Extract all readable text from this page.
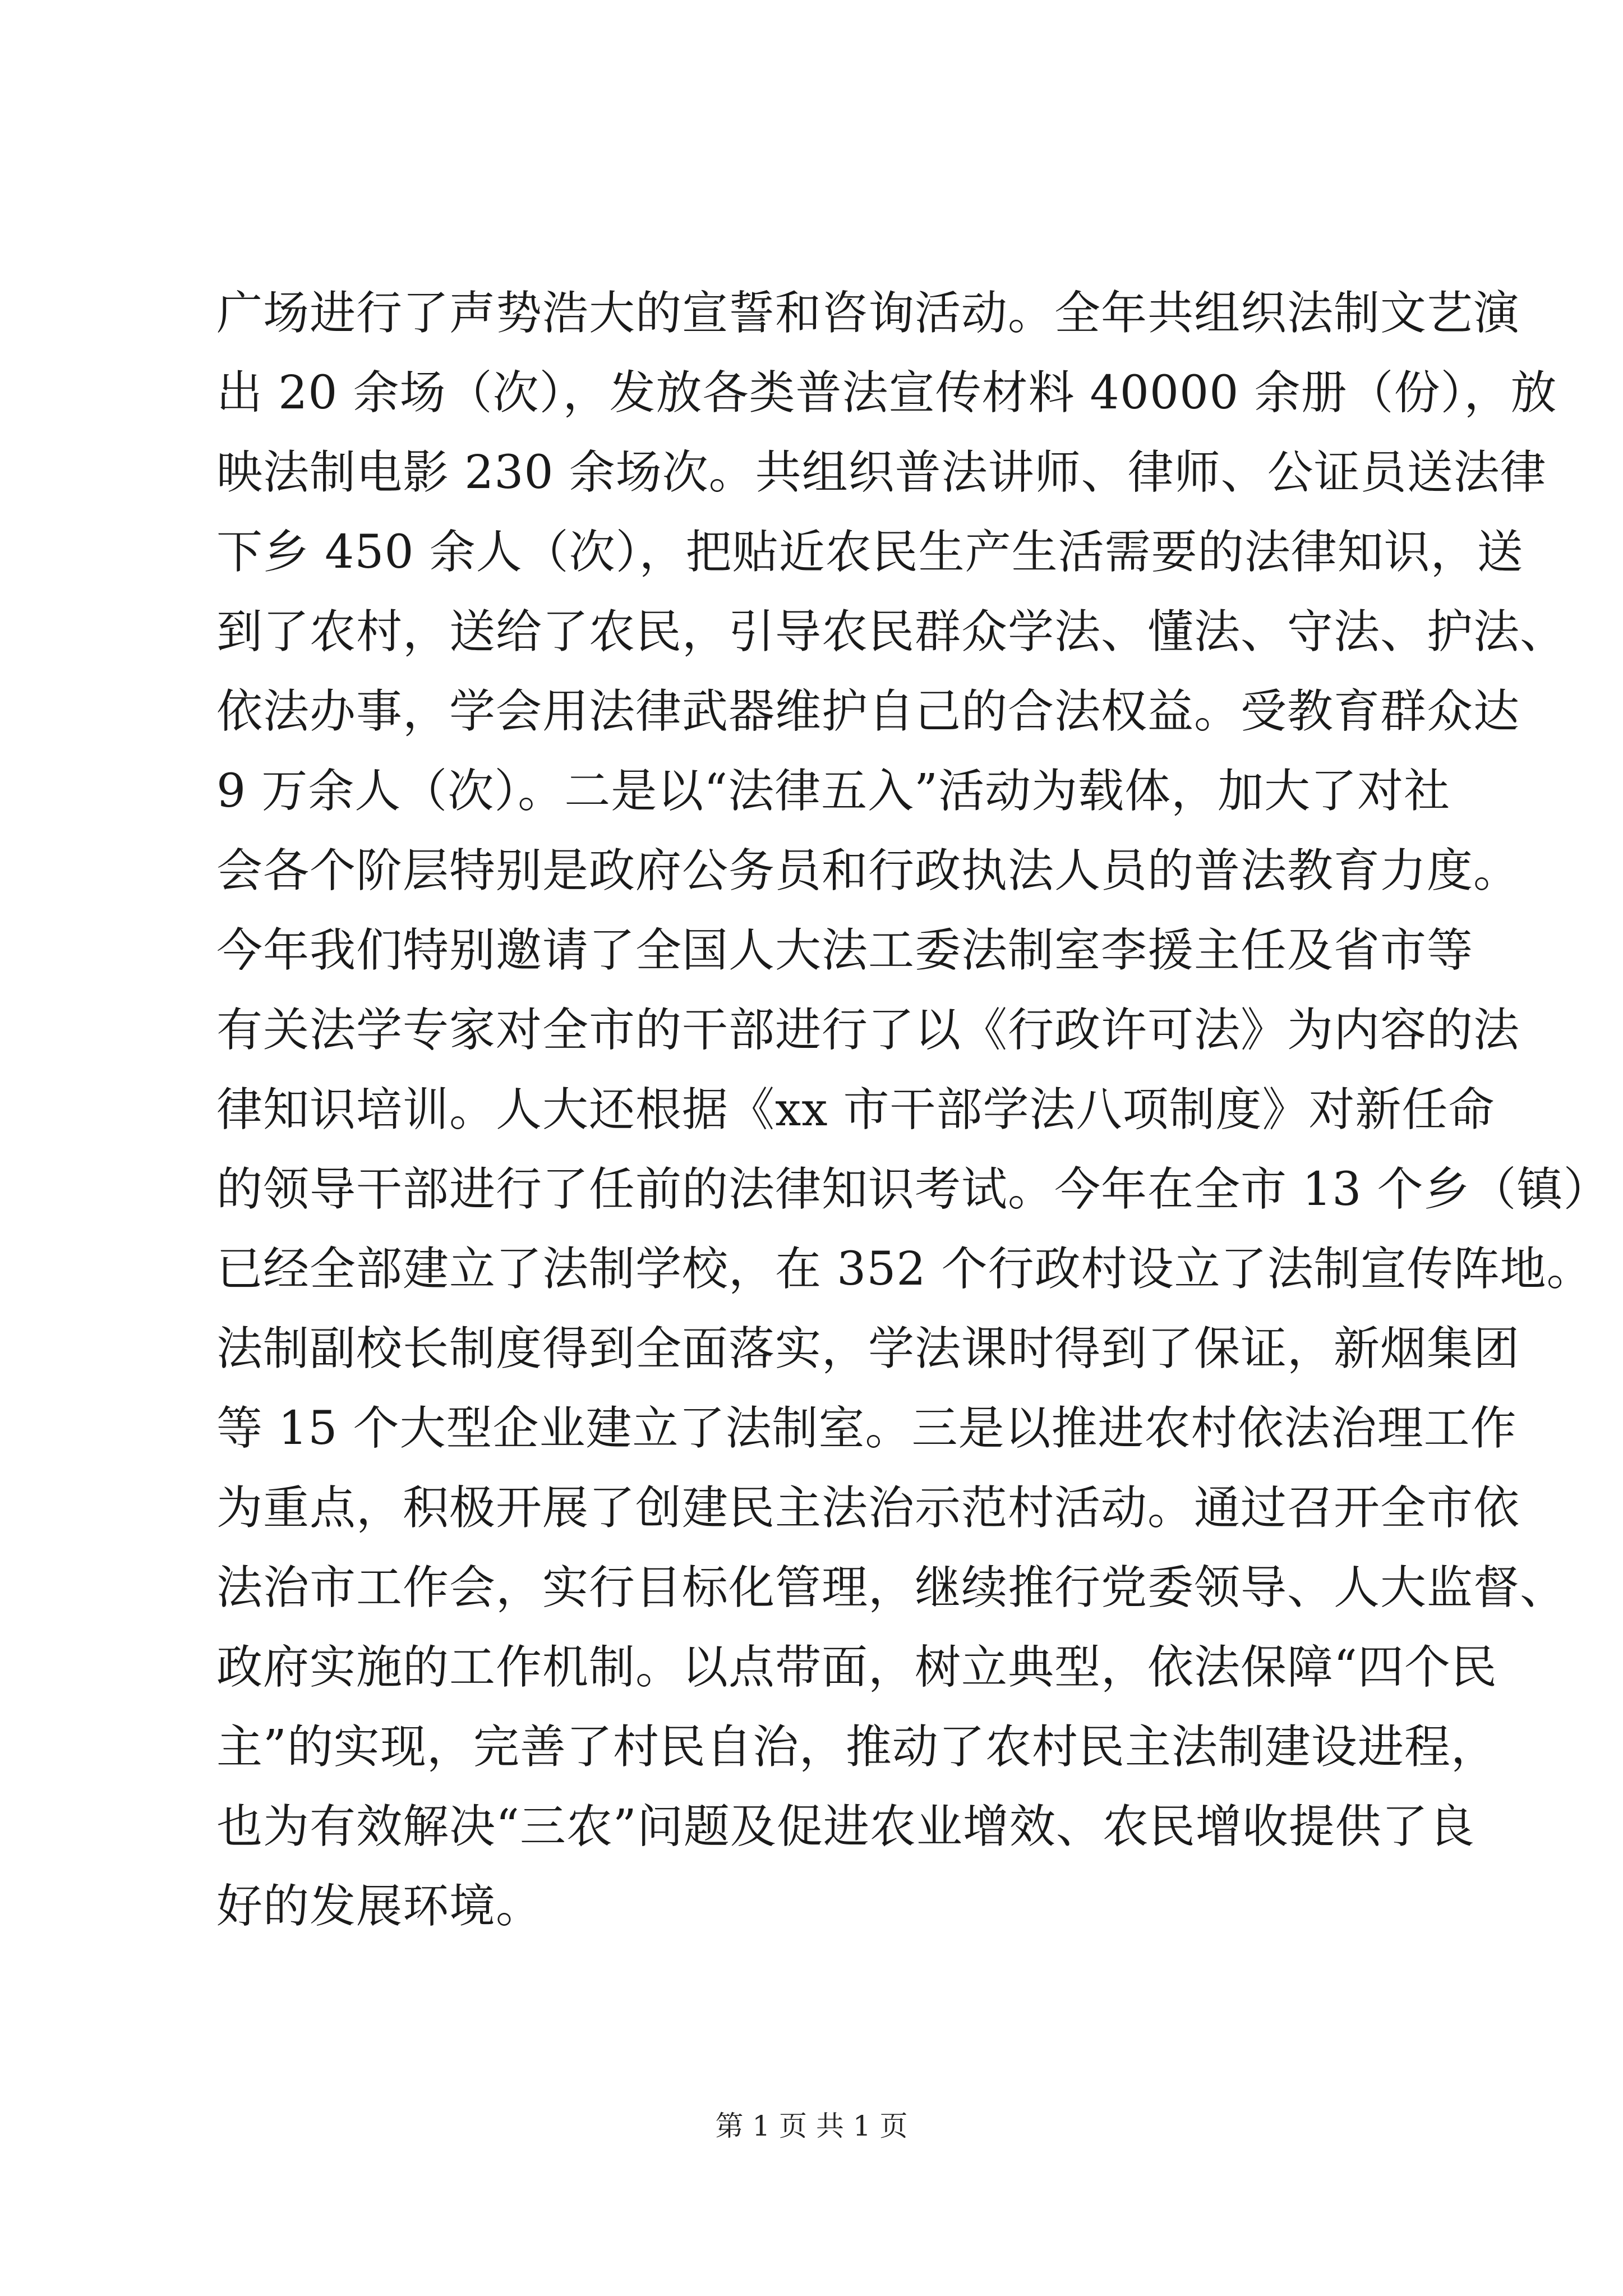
广场进行了声势浩大的宣誓和咨询活动。全年共组织法制文艺演
出 20 余场（次），发放各类普法宣传材料 40000 余册（份），放
映法制电影 230 余场次。共组织普法讲师、律师、公证员送法律
下乡 450 余人（次），把贴近农民生产生活需要的法律知识，送
到了农村，送给了农民，引导农民群众学法、懂法、守法、护法、
依法办事，学会用法律武器维护自己的合法权益。受教育群众达
9 万余人（次）。二是以“法律五入”活动为载体，加大了对社
会各个阶层特别是政府公务员和行政执法人员的普法教育力度。
今年我们特别邀请了全国人大法工委法制室李援主任及省市等
有关法学专家对全市的干部进行了以《行政许可法》为内容的法
律知识培训。人大还根据《xx 市干部学法八项制度》对新任命
的领导干部进行了任前的法律知识考试。今年在全市 13 个乡（镇）
已经全部建立了法制学校，在 352 个行政村设立了法制宣传阵地。
法制副校长制度得到全面落实，学法课时得到了保证，新烟集团
等 15 个大型企业建立了法制室。三是以推进农村依法治理工作
为重点，积极开展了创建民主法治示范村活动。通过召开全市依
法治市工作会，实行目标化管理，继续推行党委领导、人大监督、
政府实施的工作机制。以点带面，树立典型，依法保障“四个民
主”的实现，完善了村民自治，推动了农村民主法制建设进程，
也为有效解决“三农”问题及促进农业增效、农民增收提供了良
好的发展环境。
第 1 页 共 1 页
